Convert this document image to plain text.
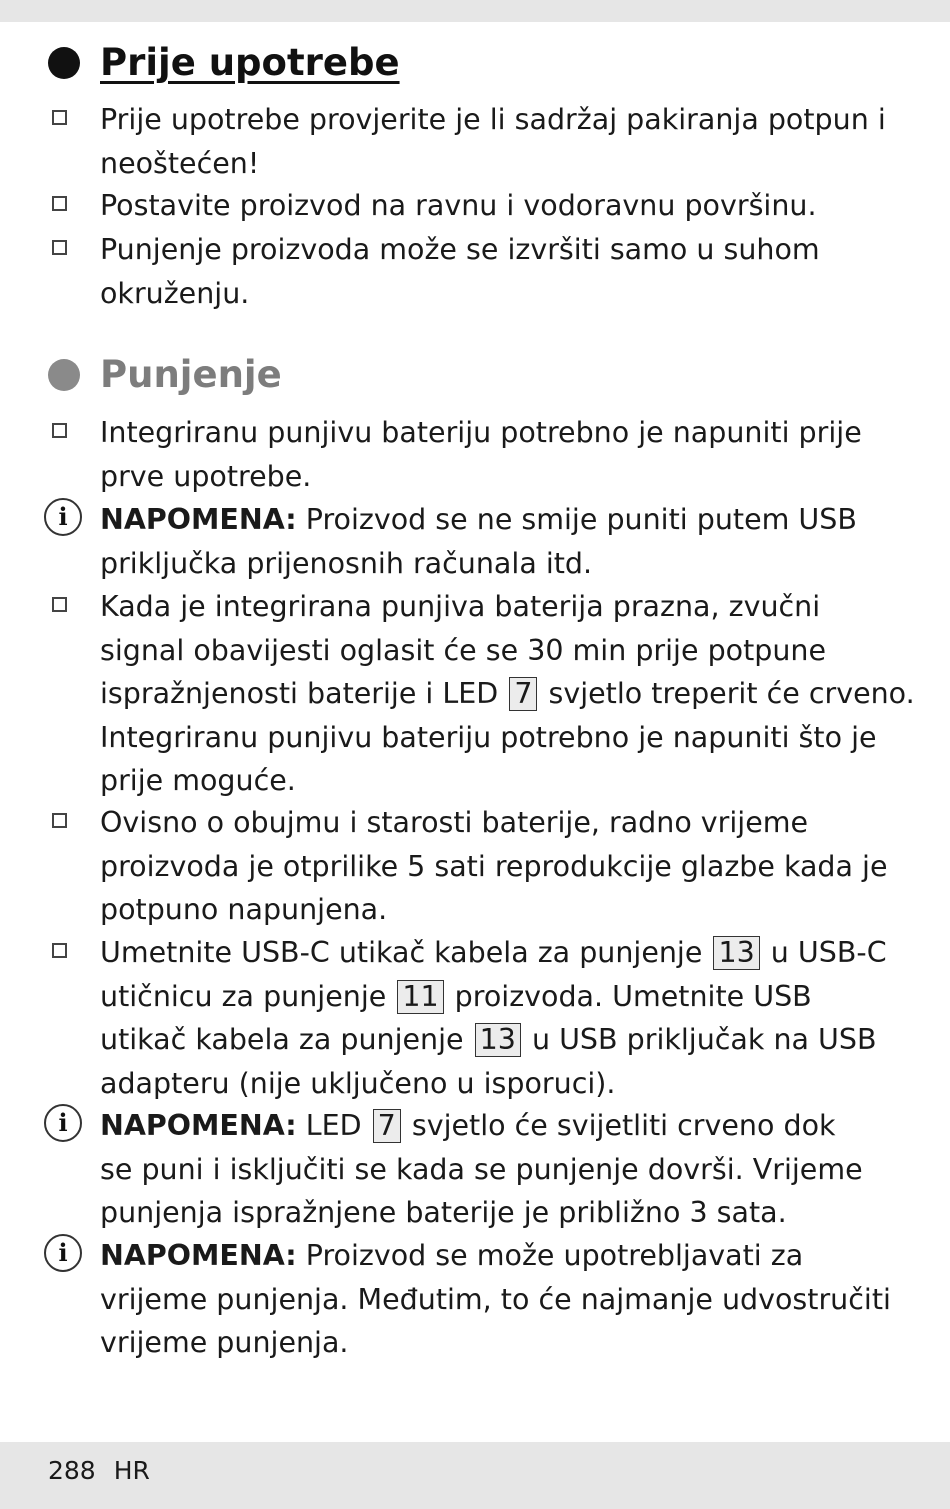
Prije upotrebe
Prije upotrebe provjerite je li sadržaj pakiranja potpun i
neoštećen!
Postavite proizvod na ravnu i vodoravnu površinu.
Punjenje proizvoda može se izvršiti samo u suhom
okruženju.
Punjenje
Integriranu punjivu bateriju potrebno je napuniti prije
prve upotrebe.
i	NAPOMENA: Proizvod se ne smije puniti putem USB
priključka prijenosnih računala itd.
Kada je integrirana punjiva baterija prazna, zvučni
signal obavijesti oglasit će se 30 min prije potpune
ispražnjenosti baterije i LED 7 svjetlo treperit će crveno.
Integriranu punjivu bateriju potrebno je napuniti što je
prije moguće.
Ovisno o obujmu i starosti baterije, radno vrijeme
proizvoda je otprilike 5 sati reprodukcije glazbe kada je
potpuno napunjena.
Umetnite USB-C utikač kabela za punjenje 13 u USB-C
utičnicu za punjenje 11 proizvoda. Umetnite USB
utikač kabela za punjenje 13 u USB priključak na USB
adapteru (nije uključeno u isporuci).
i	NAPOMENA: LED 7 svjetlo će svijetliti crveno dok
se puni i isključiti se kada se punjenje dovrši. Vrijeme
punjenja ispražnjene baterije je približno 3 sata.
i	NAPOMENA: Proizvod se može upotrebljavati za
vrijeme punjenja. Međutim, to će najmanje udvostručiti
vrijeme punjenja.
288 HR
